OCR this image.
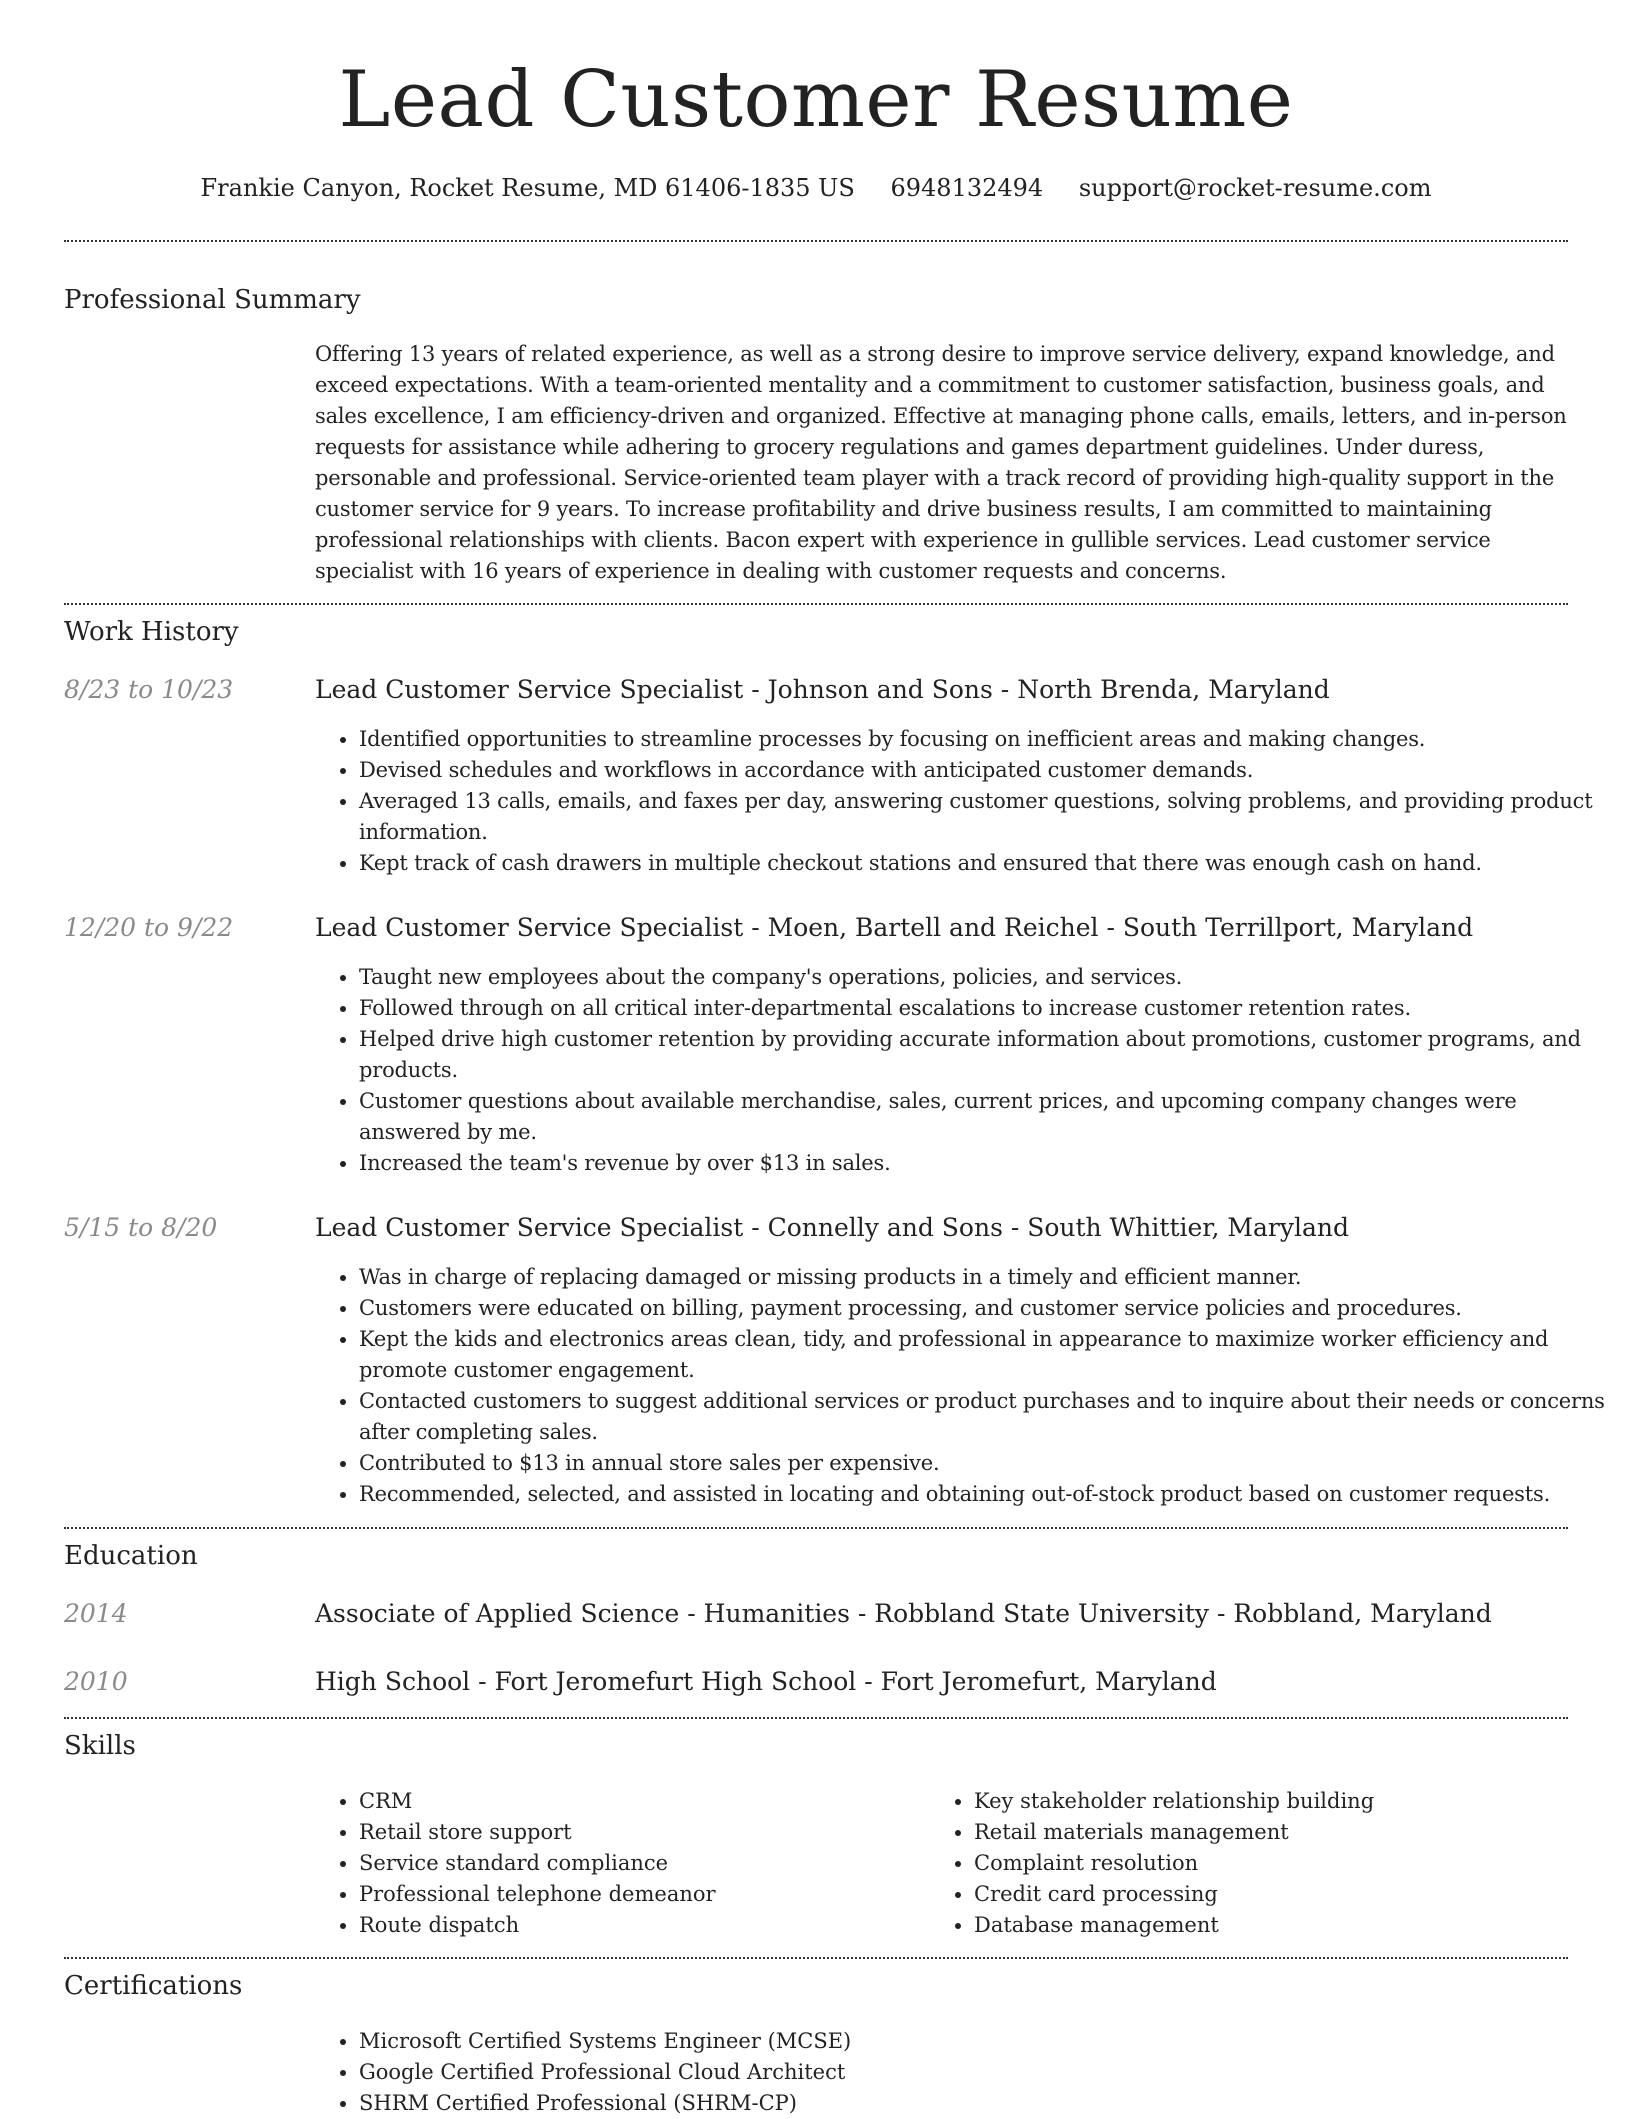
Lead Customer Resume
Frankie Canyon, Rocket Resume, MD 61406-1835 US 6948132494 support@rocket-resume.com
Professional Summary

Offering 13 years of related experience, as well as a strong desire to improve service delivery, expand knowledge, and exceed expectations. With a team-oriented mentality and a commitment to customer satisfaction, business goals, and sales excellence, I am efficiency-driven and organized. Effective at managing phone calls, emails, letters, and in-person requests for assistance while adhering to grocery regulations and games department guidelines. Under duress, personable and professional. Service-oriented team player with a track record of providing high-quality support in the customer service for 9 years. To increase profitability and drive business results, I am committed to maintaining professional relationships with clients. Bacon expert with experience in gullible services. Lead customer service specialist with 16 years of experience in dealing with customer requests and concerns.

Work History
8/23 to 10/23	Lead Customer Service Specialist - Johnson and Sons - North Brenda, Maryland
• Identified opportunities to streamline processes by focusing on inefficient areas and making changes.
• Devised schedules and workflows in accordance with anticipated customer demands.
• Averaged 13 calls, emails, and faxes per day, answering customer questions, solving problems, and providing product information.
• Kept track of cash drawers in multiple checkout stations and ensured that there was enough cash on hand.
12/20 to 9/22	Lead Customer Service Specialist - Moen, Bartell and Reichel - South Terrillport, Maryland
• Taught new employees about the company's operations, policies, and services.
• Followed through on all critical inter-departmental escalations to increase customer retention rates.
• Helped drive high customer retention by providing accurate information about promotions, customer programs, and products.
• Customer questions about available merchandise, sales, current prices, and upcoming company changes were answered by me.
• Increased the team's revenue by over $13 in sales.
5/15 to 8/20	Lead Customer Service Specialist - Connelly and Sons - South Whittier, Maryland
• Was in charge of replacing damaged or missing products in a timely and efficient manner.
• Customers were educated on billing, payment processing, and customer service policies and procedures.
• Kept the kids and electronics areas clean, tidy, and professional in appearance to maximize worker efficiency and promote customer engagement.
• Contacted customers to suggest additional services or product purchases and to inquire about their needs or concerns after completing sales.
• Contributed to $13 in annual store sales per expensive.
• Recommended, selected, and assisted in locating and obtaining out-of-stock product based on customer requests.
Education
2014	Associate of Applied Science - Humanities - Robbland State University - Robbland, Maryland
2010	High School - Fort Jeromefurt High School - Fort Jeromefurt, Maryland
Skills
• CRM
• Retail store support
• Service standard compliance
• Professional telephone demeanor
• Route dispatch
• Key stakeholder relationship building
• Retail materials management
• Complaint resolution
• Credit card processing
• Database management
Certifications
• Microsoft Certified Systems Engineer (MCSE)
• Google Certified Professional Cloud Architect
• SHRM Certified Professional (SHRM-CP)
